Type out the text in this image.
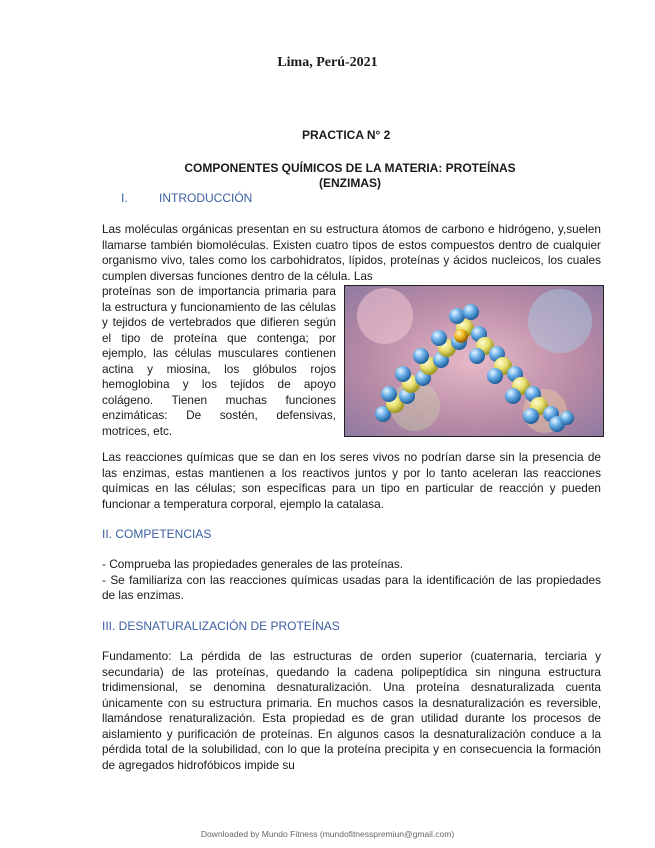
Lima, Perú-2021
PRACTICA N° 2
COMPONENTES QUÍMICOS DE LA MATERIA: PROTEÍNAS
(ENZIMAS)
I.	INTRODUCCIÓN

Las moléculas orgánicas presentan en su estructura átomos de carbono e hidrógeno, y,suelen llamarse también biomoléculas. Existen cuatro tipos de estos compuestos dentro de cualquier organismo vivo, tales como los carbohidratos, lípidos, proteínas y ácidos nucleicos, los cuales cumplen diversas funciones dentro de la célula. Las

proteínas son de importancia primaria para la estructura y funcionamiento de las células y tejidos de vertebrados que difieren según el tipo de proteína que contenga; por ejemplo, las células musculares contienen actina y miosina, los glóbulos rojos hemoglobina y los tejidos de apoyo colágeno. Tienen muchas funciones enzimáticas: De sostén, defensivas, motrices, etc.

Las reacciones químicas que se dan en los seres vivos no podrían darse sin la presencia de las enzimas, estas mantienen a los reactivos juntos y por lo tanto aceleran las reacciones químicas en las células; son específicas para un tipo en particular de reacción y pueden funcionar a temperatura corporal, ejemplo la catalasa.

II. COMPETENCIAS
- Comprueba las propiedades generales de las proteínas.
- Se familiariza con las reacciones químicas usadas para la identificación de las propiedades de las enzimas.
III. DESNATURALIZACIÓN DE PROTEÍNAS

Fundamento: La pérdida de las estructuras de orden superior (cuaternaria, terciaria y secundaria) de las proteínas, quedando la cadena polipeptídica sin ninguna estructura tridimensional, se denomina desnaturalización. Una proteína desnaturalizada cuenta únicamente con su estructura primaria. En muchos casos la desnaturalización es reversible, llamándose renaturalización. Esta propiedad es de gran utilidad durante los procesos de aislamiento y purificación de proteínas. En algunos casos la desnaturalización conduce a la pérdida total de la solubilidad, con lo que la proteína precipita y en consecuencia la formación de agregados hidrofóbicos impide su

Downloaded by Mundo Fitness (mundofitnesspremiun@gmail.com)
